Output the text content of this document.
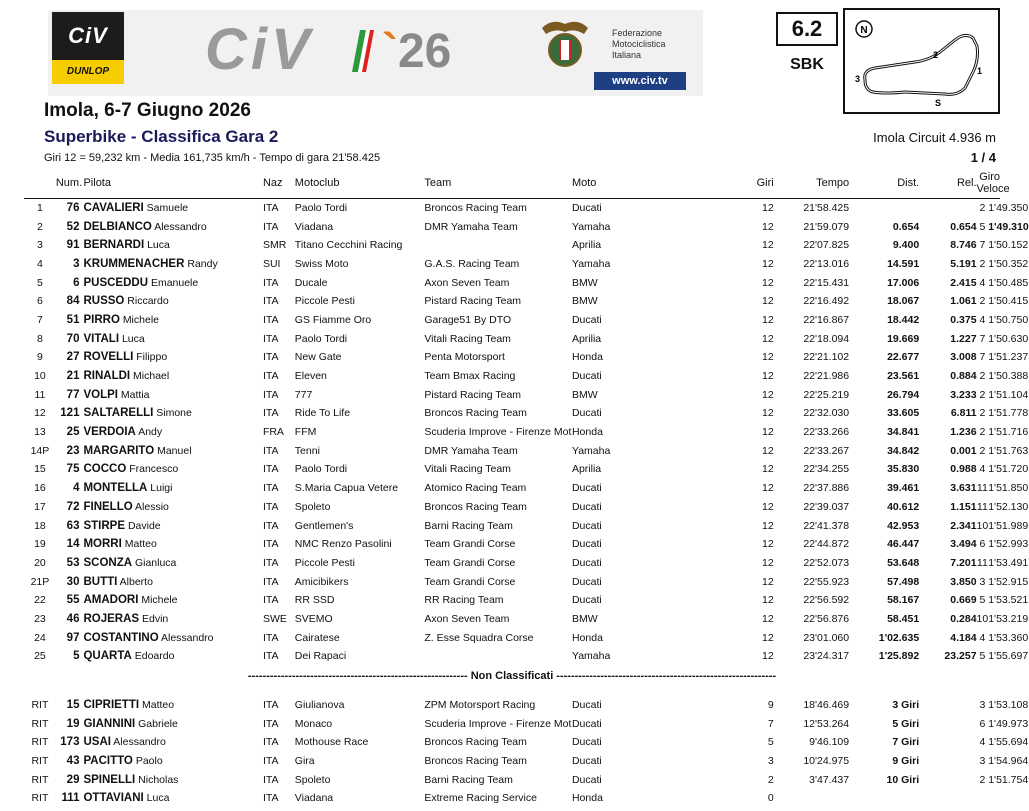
CiV
DUNLOP CiV `26	Federazione
Motociclistica
Italiana
www.civ.tv
6.2
SBK
N
1
2
3
S
Imola, 6-7 Giugno 2026
Superbike - Classifica Gara 2	Imola Circuit 4.936 m
Giri 12 = 59,232 km - Media 161,735 km/h - Tempo di gara 21'58.425	1 / 4
	Num.	Pilota	Naz	Motoclub	Team	Moto	Giri	Tempo	Dist.	Rel.	Giro Veloce	
1	76	CAVALIERI Samuele	ITA	Paolo Tordi	Broncos Racing Team	Ducati	12	21'58.425			2	1'49.350
2	52	DELBIANCO Alessandro	ITA	Viadana	DMR Yamaha Team	Yamaha	12	21'59.079	0.654	0.654	5	1'49.310
3	91	BERNARDI Luca	SMR	Titano Cecchini Racing		Aprilia	12	22'07.825	9.400	8.746	7	1'50.152
4	3	KRUMMENACHER Randy	SUI	Swiss Moto	G.A.S. Racing Team	Yamaha	12	22'13.016	14.591	5.191	2	1'50.352
5	6	PUSCEDDU Emanuele	ITA	Ducale	Axon Seven Team	BMW	12	22'15.431	17.006	2.415	4	1'50.485
6	84	RUSSO Riccardo	ITA	Piccole Pesti	Pistard Racing Team	BMW	12	22'16.492	18.067	1.061	2	1'50.415
7	51	PIRRO Michele	ITA	GS Fiamme Oro	Garage51 By DTO	Ducati	12	22'16.867	18.442	0.375	4	1'50.750
8	70	VITALI Luca	ITA	Paolo Tordi	Vitali Racing Team	Aprilia	12	22'18.094	19.669	1.227	7	1'50.630
9	27	ROVELLI Filippo	ITA	New Gate	Penta Motorsport	Honda	12	22'21.102	22.677	3.008	7	1'51.237
10	21	RINALDI Michael	ITA	Eleven	Team Bmax Racing	Ducati	12	22'21.986	23.561	0.884	2	1'50.388
11	77	VOLPI Mattia	ITA	777	Pistard Racing Team	BMW	12	22'25.219	26.794	3.233	2	1'51.104
12	121	SALTARELLI Simone	ITA	Ride To Life	Broncos Racing Team	Ducati	12	22'32.030	33.605	6.811	2	1'51.778
13	25	VERDOIA Andy	FRA	FFM	Scuderia Improve - Firenze Mot	Honda	12	22'33.266	34.841	1.236	2	1'51.716
14P	23	MARGARITO Manuel	ITA	Tenni	DMR Yamaha Team	Yamaha	12	22'33.267	34.842	0.001	2	1'51.763
15	75	COCCO Francesco	ITA	Paolo Tordi	Vitali Racing Team	Aprilia	12	22'34.255	35.830	0.988	4	1'51.720
16	4	MONTELLA Luigi	ITA	S.Maria Capua Vetere	Atomico Racing Team	Ducati	12	22'37.886	39.461	3.631	11	1'51.850
17	72	FINELLO Alessio	ITA	Spoleto	Broncos Racing Team	Ducati	12	22'39.037	40.612	1.151	11	1'52.130
18	63	STIRPE Davide	ITA	Gentlemen's	Barni Racing Team	Ducati	12	22'41.378	42.953	2.341	10	1'51.989
19	14	MORRI Matteo	ITA	NMC Renzo Pasolini	Team Grandi Corse	Ducati	12	22'44.872	46.447	3.494	6	1'52.993
20	53	SCONZA Gianluca	ITA	Piccole Pesti	Team Grandi Corse	Ducati	12	22'52.073	53.648	7.201	11	1'53.491
21P	30	BUTTI Alberto	ITA	Amicibikers	Team Grandi Corse	Ducati	12	22'55.923	57.498	3.850	3	1'52.915
22	55	AMADORI Michele	ITA	RR SSD	RR Racing Team	Ducati	12	22'56.592	58.167	0.669	5	1'53.521
23	46	ROJERAS Edvin	SWE	SVEMO	Axon Seven Team	BMW	12	22'56.876	58.451	0.284	10	1'53.219
24	97	COSTANTINO Alessandro	ITA	Cairatese	Z. Esse Squadra Corse	Honda	12	23'01.060	1'02.635	4.184	4	1'53.360
25	5	QUARTA Edoardo	ITA	Dei Rapaci		Yamaha	12	23'24.317	1'25.892	23.257	5	1'55.697
------------------------------------------------------------ Non Classificati ------------------------------------------------------------												

RIT	15	CIPRIETTI Matteo	ITA	Giulianova	ZPM Motorsport Racing	Ducati	9	18'46.469	3 Giri		3	1'53.108
RIT	19	GIANNINI Gabriele	ITA	Monaco	Scuderia Improve - Firenze Mot	Ducati	7	12'53.264	5 Giri		6	1'49.973
RIT	173	USAI Alessandro	ITA	Mothouse Race	Broncos Racing Team	Ducati	5	9'46.109	7 Giri		4	1'55.694
RIT	43	PACITTO Paolo	ITA	Gira	Broncos Racing Team	Ducati	3	10'24.975	9 Giri		3	1'54.964
RIT	29	SPINELLI Nicholas	ITA	Spoleto	Barni Racing Team	Ducati	2	3'47.437	10 Giri		2	1'51.754
RIT	111	OTTAVIANI Luca	ITA	Viadana	Extreme Racing Service	Honda	0					
